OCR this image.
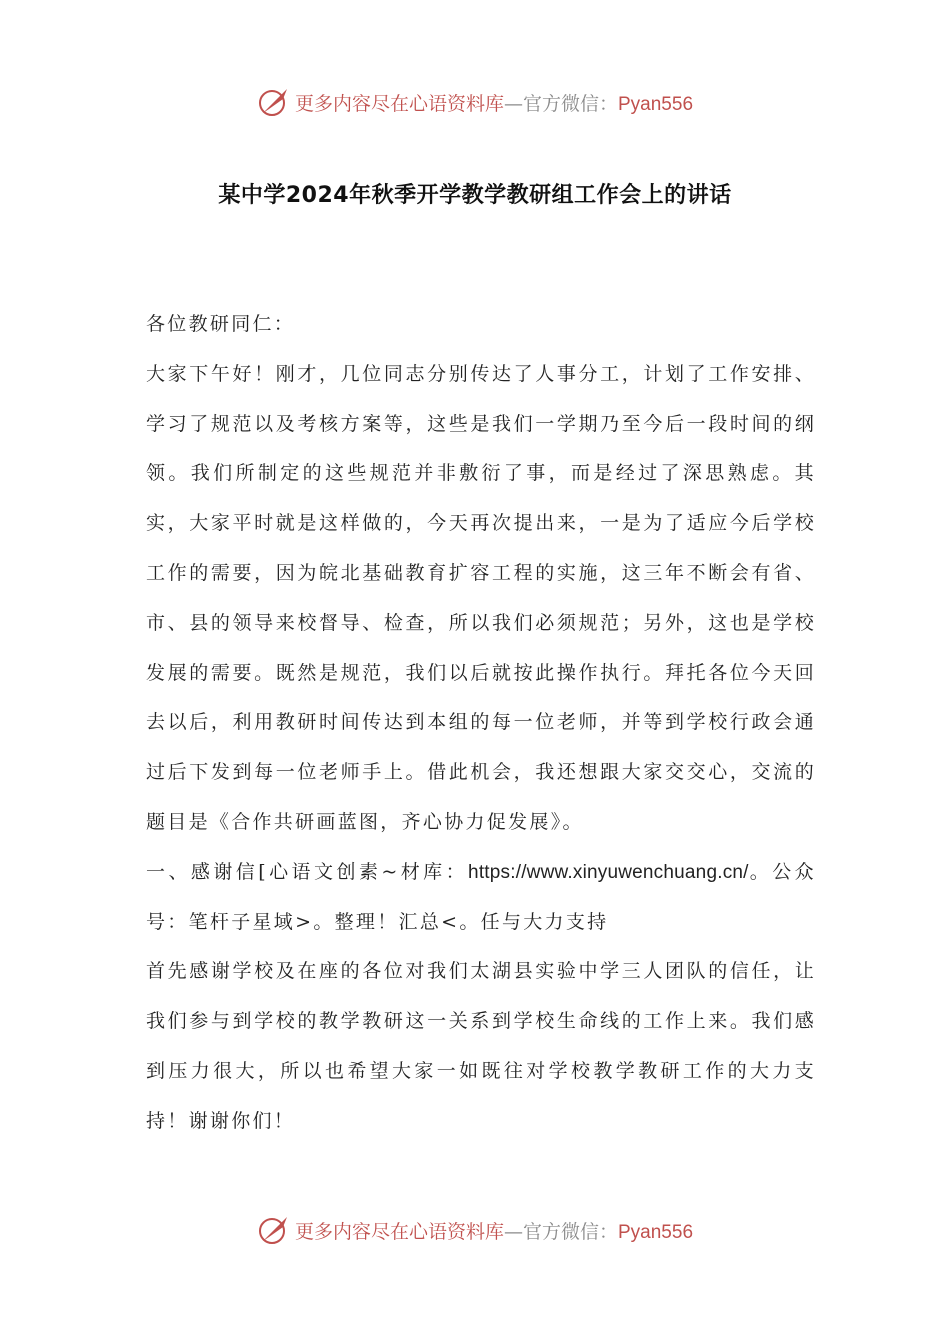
更多内容尽在心语资料库—官方微信：Pyan556
某中学2024年秋季开学教学教研组工作会上的讲话

各位教研同仁：

大家下午好！刚才，几位同志分别传达了人事分工，计划了工作安排、学习了规范以及考核方案等，这些是我们一学期乃至今后一段时间的纲领。我们所制定的这些规范并非敷衍了事，而是经过了深思熟虑。其实，大家平时就是这样做的，今天再次提出来，一是为了适应今后学校工作的需要，因为皖北基础教育扩容工程的实施，这三年不断会有省、市、县的领导来校督导、检查，所以我们必须规范；另外，这也是学校发展的需要。既然是规范，我们以后就按此操作执行。拜托各位今天回去以后，利用教研时间传达到本组的每一位老师，并等到学校行政会通过后下发到每一位老师手上。借此机会，我还想跟大家交交心，交流的题目是《合作共研画蓝图，齐心协力促发展》。

一、感谢信[心语文创素~材库：https://www.xinyuwenchuang.cn/。公众号：笔杆子星域>。整理！汇总<。任与大力支持

首先感谢学校及在座的各位对我们太湖县实验中学三人团队的信任，让我们参与到学校的教学教研这一关系到学校生命线的工作上来。我们感到压力很大，所以也希望大家一如既往对学校教学教研工作的大力支持！谢谢你们！

更多内容尽在心语资料库—官方微信：Pyan556
